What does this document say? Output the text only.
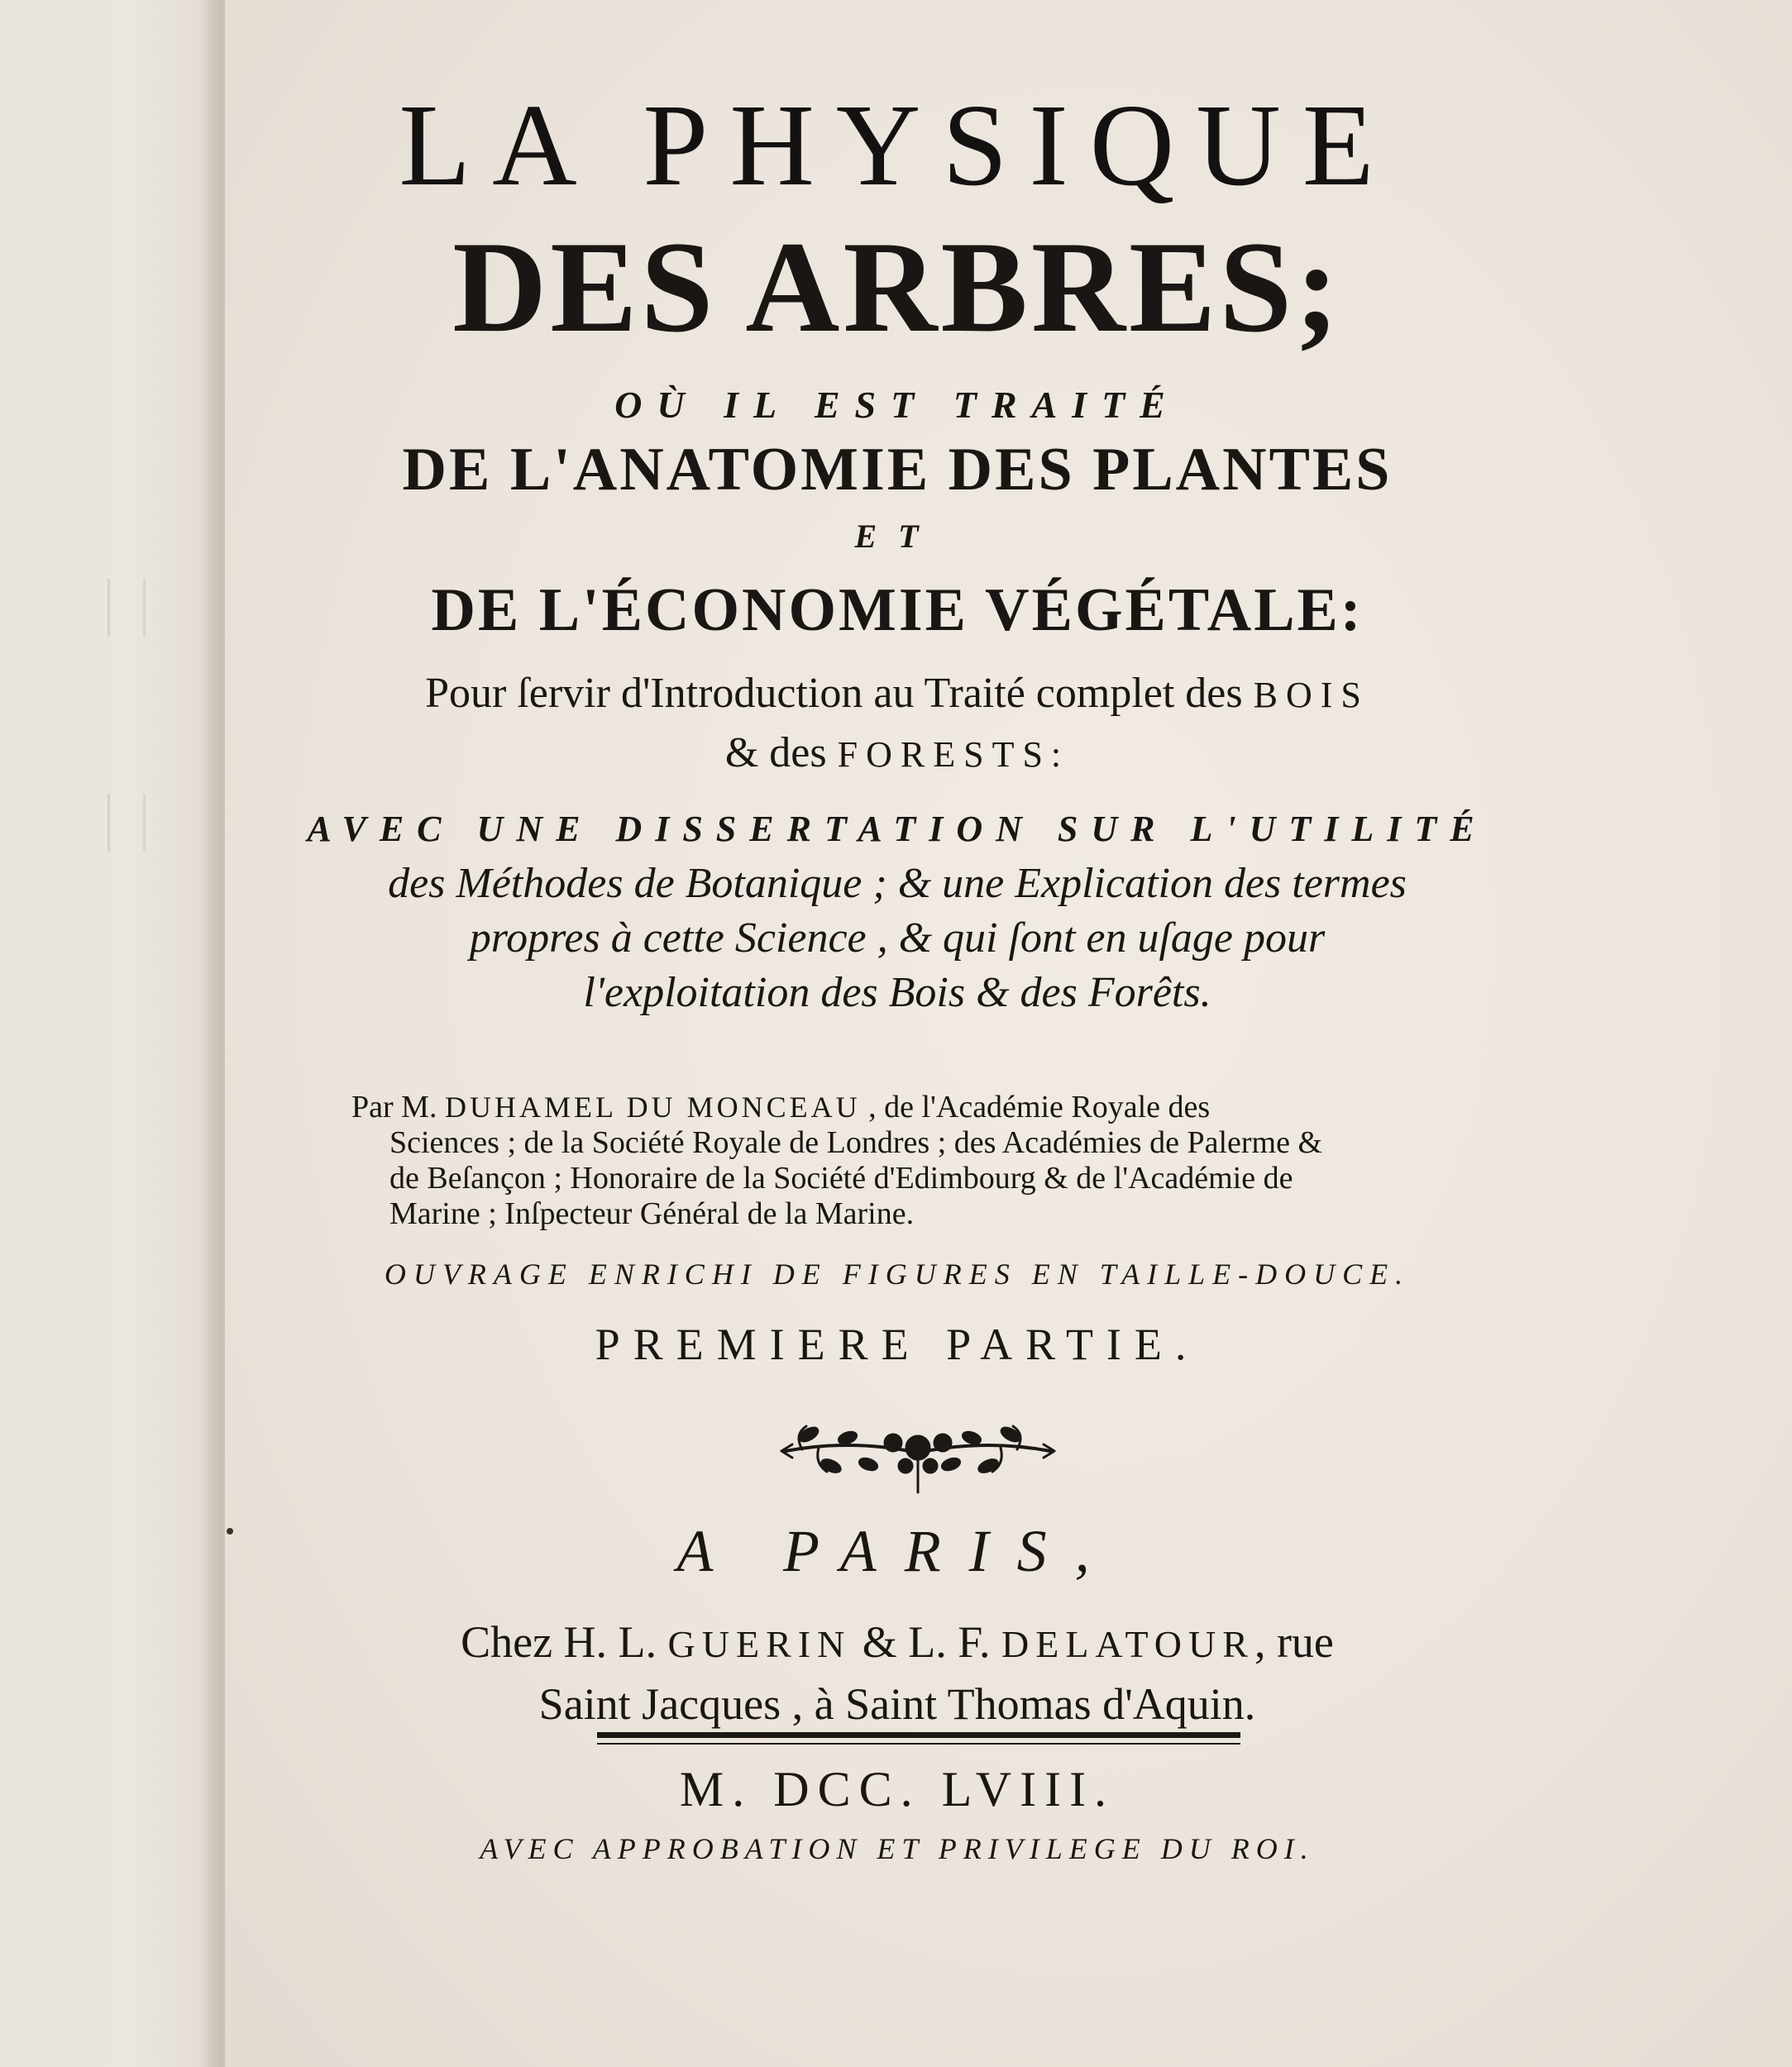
LA PHYSIQUE
DES ARBRES;
OÙ IL EST TRAITÉ
DE L'ANATOMIE DES PLANTES
ET
DE L'ÉCONOMIE VÉGÉTALE:
Pour ſervir d'Introduction au Traité complet des BOIS
& des FORESTS:
AVEC UNE DISSERTATION SUR L'UTILITÉ
des Méthodes de Botanique ; & une Explication des termes
propres à cette Science , & qui ſont en uſage pour
l'exploitation des Bois & des Forêts.
Par M. DUHAMEL DU MONCEAU , de l'Académie Royale des
Sciences ; de la Société Royale de Londres ; des Académies de Palerme &
de Beſançon ; Honoraire de la Société d'Edimbourg & de l'Académie de
Marine ; Inſpecteur Général de la Marine.
OUVRAGE ENRICHI DE FIGURES EN TAILLE-DOUCE.
PREMIERE PARTIE.
A PARIS,
Chez H. L. GUERIN & L. F. DELATOUR, rue
Saint Jacques , à Saint Thomas d'Aquin.
M. DCC. LVIII.
AVEC APPROBATION ET PRIVILEGE DU ROI.
